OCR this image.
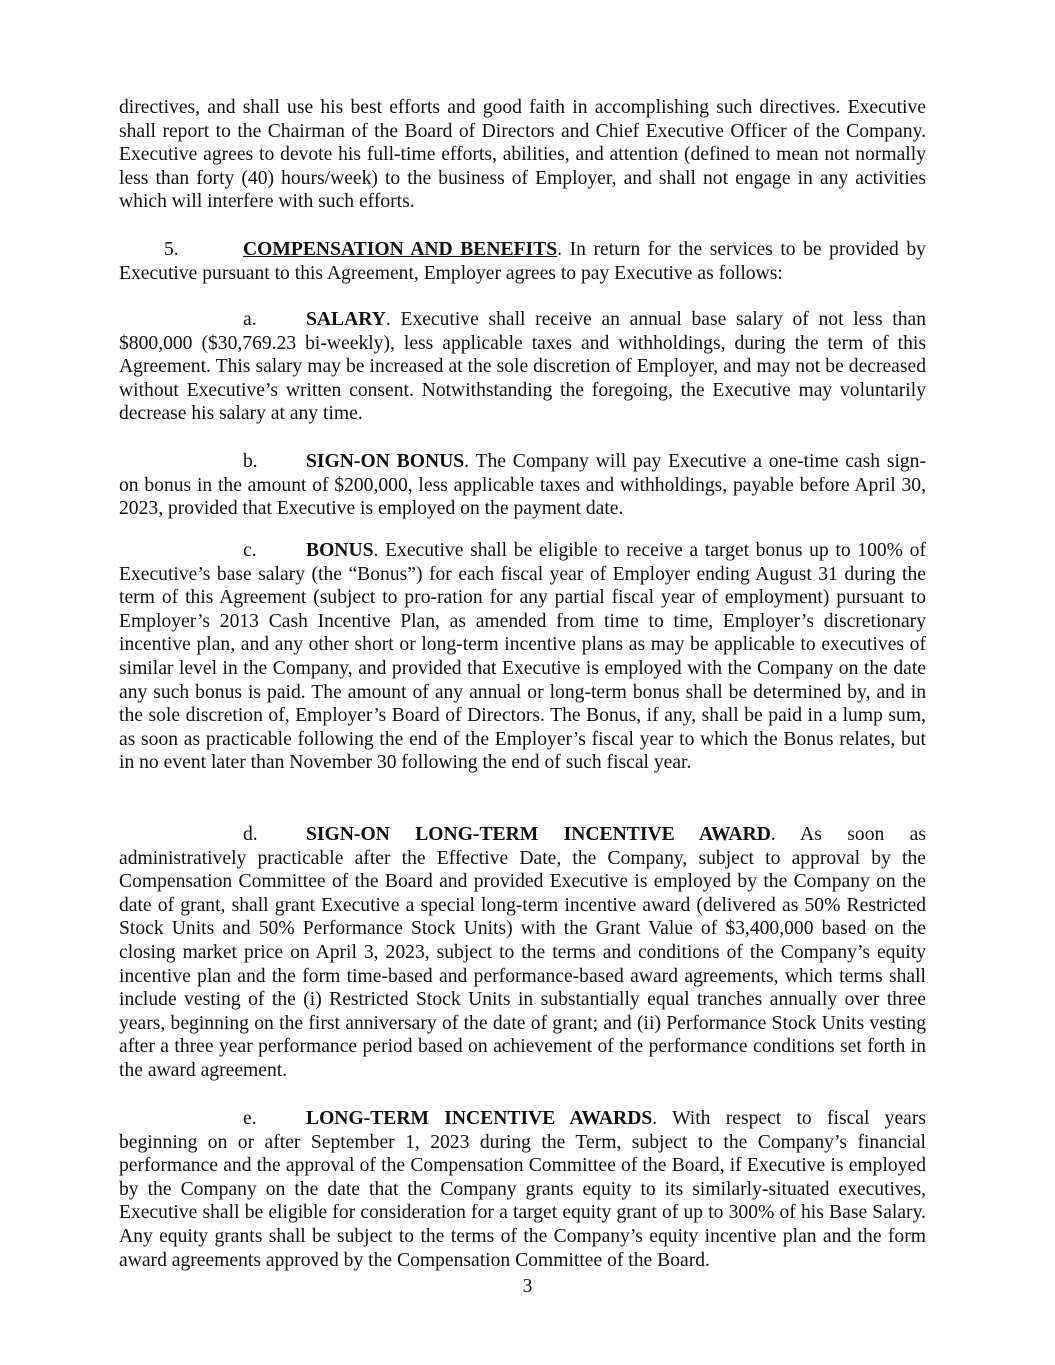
directives, and shall use his best efforts and good faith in accomplishing such directives. Executive shall report to the Chairman of the Board of Directors and Chief Executive Officer of the Company. Executive agrees to devote his full-time efforts, abilities, and attention (defined to mean not normally less than forty (40) hours/week) to the business of Employer, and shall not engage in any activities which will interfere with such efforts.

5.	COMPENSATION AND BENEFITS. In return for the services to be provided by Executive pursuant to this Agreement, Employer agrees to pay Executive as follows:

a.	SALARY. Executive shall receive an annual base salary of not less than $800,000 ($30,769.23 bi-weekly), less applicable taxes and withholdings, during the term of this Agreement. This salary may be increased at the sole discretion of Employer, and may not be decreased without Executive’s written consent. Notwithstanding the foregoing, the Executive may voluntarily decrease his salary at any time.

b. SIGN-ON BONUS. The Company will pay Executive a one-time cash sign-on bonus in the amount of $200,000, less applicable taxes and withholdings, payable before April 30, 2023, provided that Executive is employed on the payment date.

c.	BONUS. Executive shall be eligible to receive a target bonus up to 100% of Executive’s base salary (the “Bonus”) for each fiscal year of Employer ending August 31 during the term of this Agreement (subject to pro-ration for any partial fiscal year of employment) pursuant to Employer’s 2013 Cash Incentive Plan, as amended from time to time, Employer’s discretionary incentive plan, and any other short or long-term incentive plans as may be applicable to executives of similar level in the Company, and provided that Executive is employed with the Company on the date any such bonus is paid. The amount of any annual or long-term bonus shall be determined by, and in the sole discretion of, Employer’s Board of Directors. The Bonus, if any, shall be paid in a lump sum, as soon as practicable following the end of the Employer’s fiscal year to which the Bonus relates, but in no event later than November 30 following the end of such fiscal year.

d. SIGN-ON LONG-TERM INCENTIVE AWARD. As soon as administratively practicable after the Effective Date, the Company, subject to approval by the Compensation Committee of the Board and provided Executive is employed by the Company on the date of grant, shall grant Executive a special long-term incentive award (delivered as 50% Restricted Stock Units and 50% Performance Stock Units) with the Grant Value of $3,400,000 based on the closing market price on April 3, 2023, subject to the terms and conditions of the Company’s equity incentive plan and the form time-based and performance-based award agreements, which terms shall include vesting of the (i) Restricted Stock Units in substantially equal tranches annually over three years, beginning on the first anniversary of the date of grant; and (ii) Performance Stock Units vesting after a three year performance period based on achievement of the performance conditions set forth in the award agreement.

e.	LONG-TERM INCENTIVE AWARDS. With respect to fiscal years beginning on or after September 1, 2023 during the Term, subject to the Company’s financial performance and the approval of the Compensation Committee of the Board, if Executive is employed by the Company on the date that the Company grants equity to its similarly-situated executives, Executive shall be eligible for consideration for a target equity grant of up to 300% of his Base Salary. Any equity grants shall be subject to the terms of the Company’s equity incentive plan and the form award agreements approved by the Compensation Committee of the Board.

3
